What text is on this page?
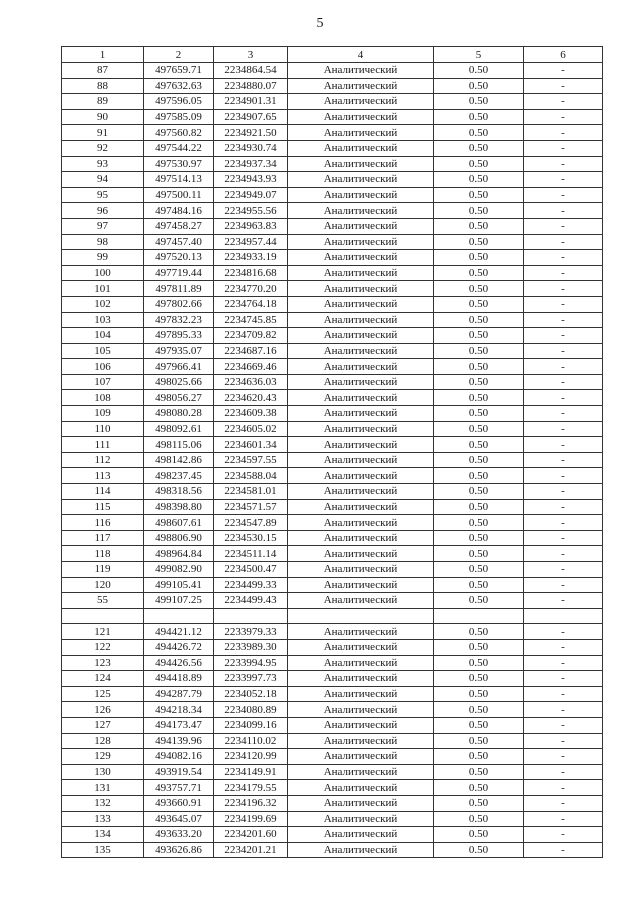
5
1	2	3	4	5	6
87	497659.71	2234864.54	Аналитический	0.50	-
88	497632.63	2234880.07	Аналитический	0.50	-
89	497596.05	2234901.31	Аналитический	0.50	-
90	497585.09	2234907.65	Аналитический	0.50	-
91	497560.82	2234921.50	Аналитический	0.50	-
92	497544.22	2234930.74	Аналитический	0.50	-
93	497530.97	2234937.34	Аналитический	0.50	-
94	497514.13	2234943.93	Аналитический	0.50	-
95	497500.11	2234949.07	Аналитический	0.50	-
96	497484.16	2234955.56	Аналитический	0.50	-
97	497458.27	2234963.83	Аналитический	0.50	-
98	497457.40	2234957.44	Аналитический	0.50	-
99	497520.13	2234933.19	Аналитический	0.50	-
100	497719.44	2234816.68	Аналитический	0.50	-
101	497811.89	2234770.20	Аналитический	0.50	-
102	497802.66	2234764.18	Аналитический	0.50	-
103	497832.23	2234745.85	Аналитический	0.50	-
104	497895.33	2234709.82	Аналитический	0.50	-
105	497935.07	2234687.16	Аналитический	0.50	-
106	497966.41	2234669.46	Аналитический	0.50	-
107	498025.66	2234636.03	Аналитический	0.50	-
108	498056.27	2234620.43	Аналитический	0.50	-
109	498080.28	2234609.38	Аналитический	0.50	-
110	498092.61	2234605.02	Аналитический	0.50	-
111	498115.06	2234601.34	Аналитический	0.50	-
112	498142.86	2234597.55	Аналитический	0.50	-
113	498237.45	2234588.04	Аналитический	0.50	-
114	498318.56	2234581.01	Аналитический	0.50	-
115	498398.80	2234571.57	Аналитический	0.50	-
116	498607.61	2234547.89	Аналитический	0.50	-
117	498806.90	2234530.15	Аналитический	0.50	-
118	498964.84	2234511.14	Аналитический	0.50	-
119	499082.90	2234500.47	Аналитический	0.50	-
120	499105.41	2234499.33	Аналитический	0.50	-
55	499107.25	2234499.43	Аналитический	0.50	-

121	494421.12	2233979.33	Аналитический	0.50	-
122	494426.72	2233989.30	Аналитический	0.50	-
123	494426.56	2233994.95	Аналитический	0.50	-
124	494418.89	2233997.73	Аналитический	0.50	-
125	494287.79	2234052.18	Аналитический	0.50	-
126	494218.34	2234080.89	Аналитический	0.50	-
127	494173.47	2234099.16	Аналитический	0.50	-
128	494139.96	2234110.02	Аналитический	0.50	-
129	494082.16	2234120.99	Аналитический	0.50	-
130	493919.54	2234149.91	Аналитический	0.50	-
131	493757.71	2234179.55	Аналитический	0.50	-
132	493660.91	2234196.32	Аналитический	0.50	-
133	493645.07	2234199.69	Аналитический	0.50	-
134	493633.20	2234201.60	Аналитический	0.50	-
135	493626.86	2234201.21	Аналитический	0.50	-
